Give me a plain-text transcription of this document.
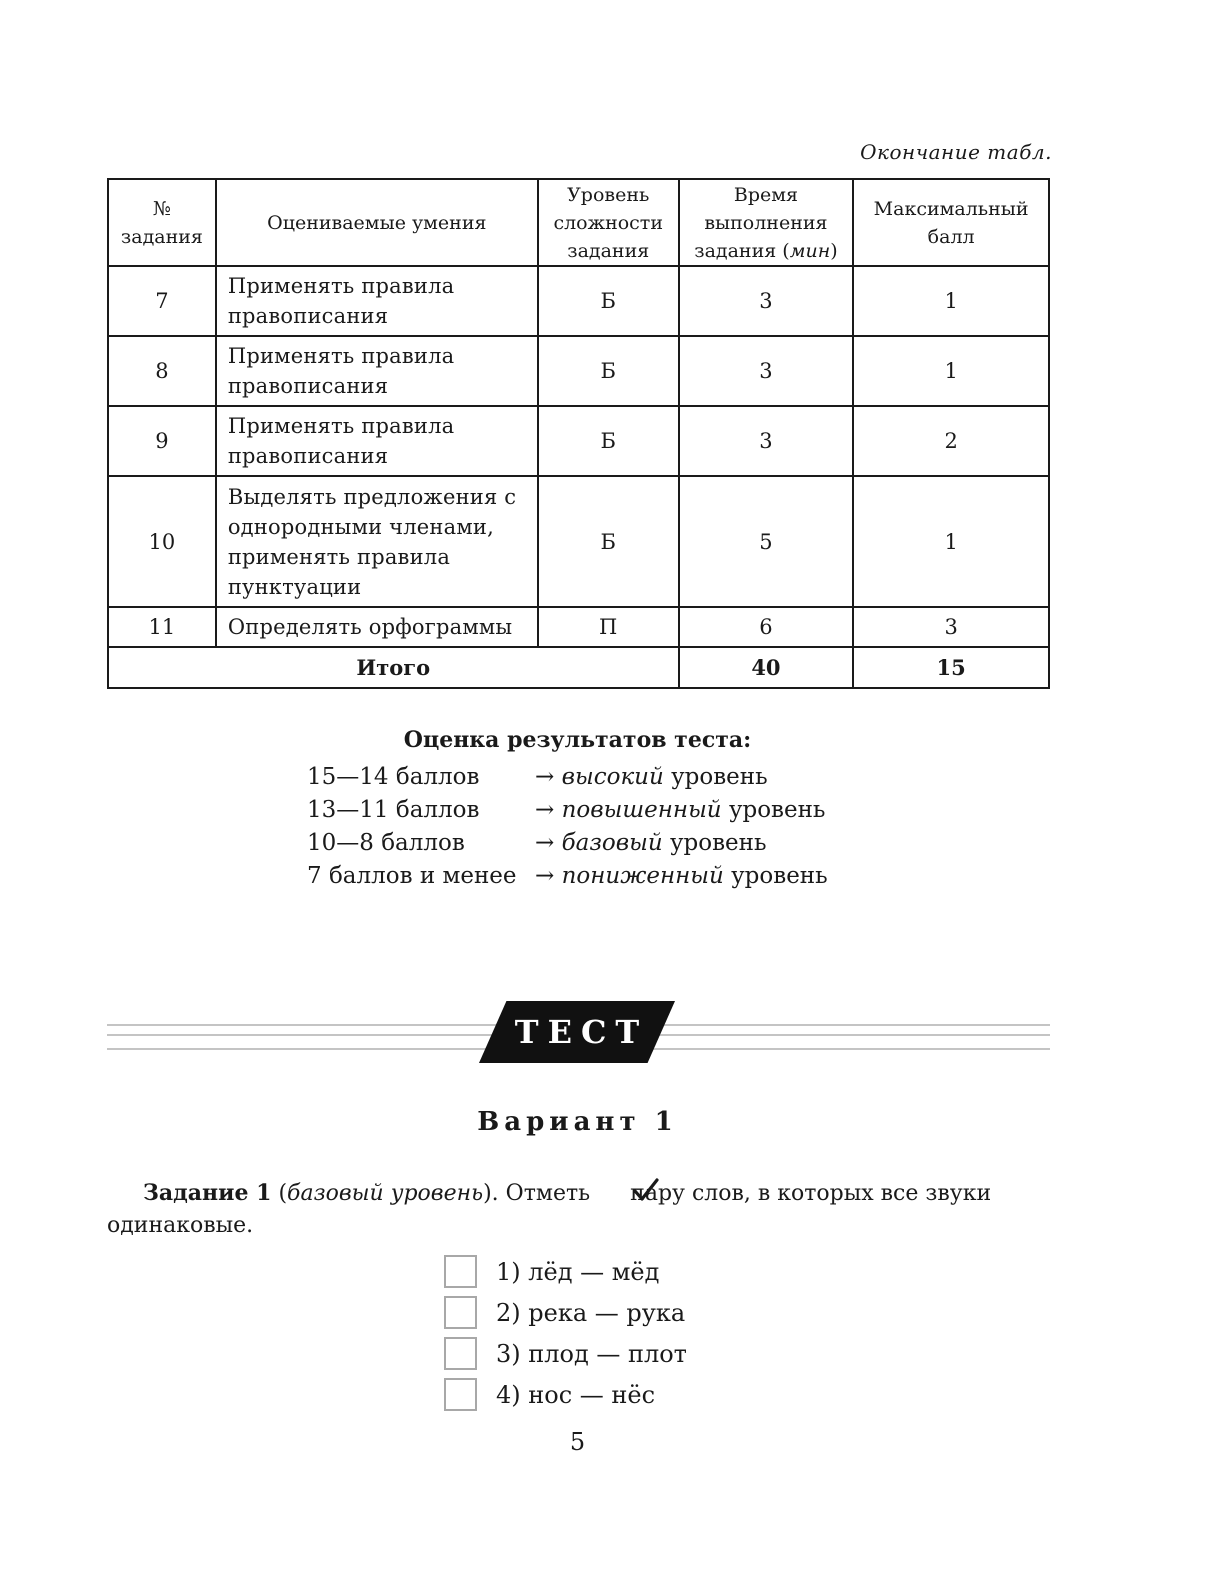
Окончание табл.
№ задания	Оцениваемые умения	Уровень сложности задания	Время выполнения задания (мин)	Максимальный балл
7	Применять правила правописания	Б	3	1
8	Применять правила правописания	Б	3	1
9	Применять правила правописания	Б	3	2
10	Выделять предложения с однородными членами, применять правила пунктуации	Б	5	1
11	Определять орфограммы	П	6	3
Итого			40	15
Оценка результатов теста:
15—14 баллов	→ высокий уровень
13—11 баллов	→ повышенный уровень
10—8 баллов	→ базовый уровень
7 баллов и менее → пониженный уровень
ТЕСТ
Вариант 1
Задание 1 (базовый уровень). Отметь пару слов, в которых все звуки одинаковые.
1) лёд — мёд
2) река — рука
3) плод — плот
4) нос — нёс
5
